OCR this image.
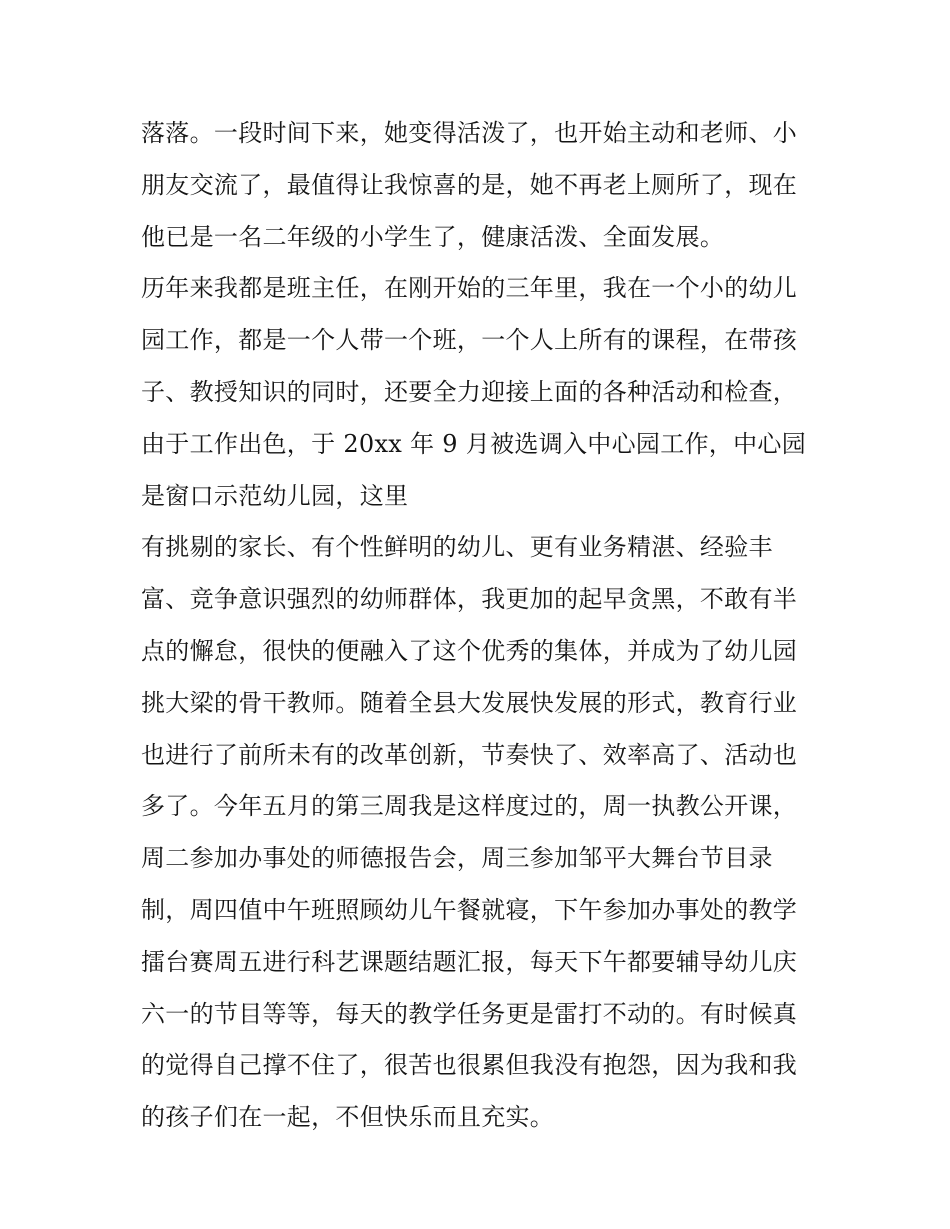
落落。一段时间下来，她变得活泼了，也开始主动和老师、小
朋友交流了，最值得让我惊喜的是，她不再老上厕所了，现在
他已是一名二年级的小学生了，健康活泼、全面发展。
历年来我都是班主任，在刚开始的三年里，我在一个小的幼儿
园工作，都是一个人带一个班，一个人上所有的课程，在带孩
子、教授知识的同时，还要全力迎接上面的各种活动和检查，
由于工作出色，于 20xx 年 9 月被选调入中心园工作，中心园
是窗口示范幼儿园，这里
有挑剔的家长、有个性鲜明的幼儿、更有业务精湛、经验丰
富、竞争意识强烈的幼师群体，我更加的起早贪黑，不敢有半
点的懈怠，很快的便融入了这个优秀的集体，并成为了幼儿园
挑大梁的骨干教师。随着全县大发展快发展的形式，教育行业
也进行了前所未有的改革创新，节奏快了、效率高了、活动也
多了。今年五月的第三周我是这样度过的，周一执教公开课，
周二参加办事处的师德报告会，周三参加邹平大舞台节目录
制，周四值中午班照顾幼儿午餐就寝，下午参加办事处的教学
擂台赛周五进行科艺课题结题汇报，每天下午都要辅导幼儿庆
六一的节目等等，每天的教学任务更是雷打不动的。有时候真
的觉得自己撑不住了，很苦也很累但我没有抱怨，因为我和我
的孩子们在一起，不但快乐而且充实。
